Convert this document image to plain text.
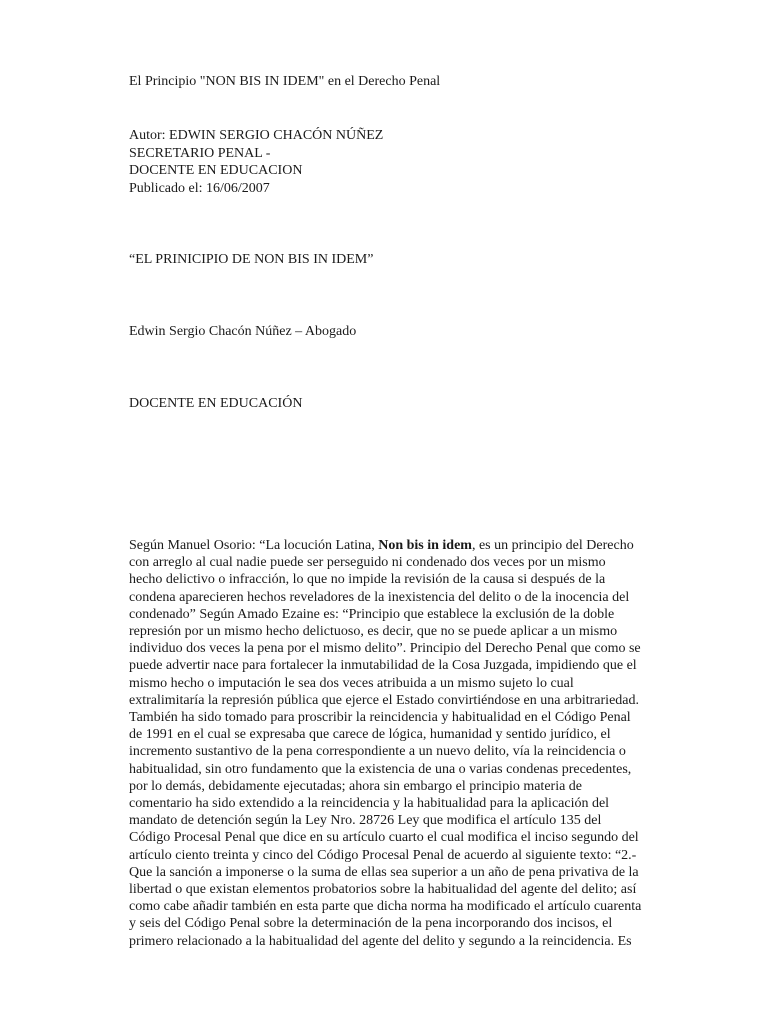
El Principio "NON BIS IN IDEM" en el Derecho Penal
Autor: EDWIN SERGIO CHACÓN NÚÑEZ
SECRETARIO PENAL -
DOCENTE EN EDUCACION
Publicado el: 16/06/2007
“EL PRINICIPIO DE NON BIS IN IDEM”
Edwin Sergio Chacón Núñez – Abogado
DOCENTE EN EDUCACIÓN
Según Manuel Osorio: “La locución Latina, Non bis in idem, es un principio del Derecho
con arreglo al cual nadie puede ser perseguido ni condenado dos veces por un mismo
hecho delictivo o infracción, lo que no impide la revisión de la causa si después de la
condena aparecieren hechos reveladores de la inexistencia del delito o de la inocencia del
condenado” Según Amado Ezaine es: “Principio que establece la exclusión de la doble
represión por un mismo hecho delictuoso, es decir, que no se puede aplicar a un mismo
individuo dos veces la pena por el mismo delito”. Principio del Derecho Penal que como se
puede advertir nace para fortalecer la inmutabilidad de la Cosa Juzgada, impidiendo que el
mismo hecho o imputación le sea dos veces atribuida a un mismo sujeto lo cual
extralimitaría la represión pública que ejerce el Estado convirtiéndose en una arbitrariedad.
También ha sido tomado para proscribir la reincidencia y habitualidad en el Código Penal
de 1991 en el cual se expresaba que carece de lógica, humanidad y sentido jurídico, el
incremento sustantivo de la pena correspondiente a un nuevo delito, vía la reincidencia o
habitualidad, sin otro fundamento que la existencia de una o varias condenas precedentes,
por lo demás, debidamente ejecutadas; ahora sin embargo el principio materia de
comentario ha sido extendido a la reincidencia y la habitualidad para la aplicación del
mandato de detención según la Ley Nro. 28726 Ley que modifica el artículo 135 del
Código Procesal Penal que dice en su artículo cuarto el cual modifica el inciso segundo del
artículo ciento treinta y cinco del Código Procesal Penal de acuerdo al siguiente texto: “2.-
Que la sanción a imponerse o la suma de ellas sea superior a un año de pena privativa de la
libertad o que existan elementos probatorios sobre la habitualidad del agente del delito; así
como cabe añadir también en esta parte que dicha norma ha modificado el artículo cuarenta
y seis del Código Penal sobre la determinación de la pena incorporando dos incisos, el
primero relacionado a la habitualidad del agente del delito y segundo a la reincidencia. Es
